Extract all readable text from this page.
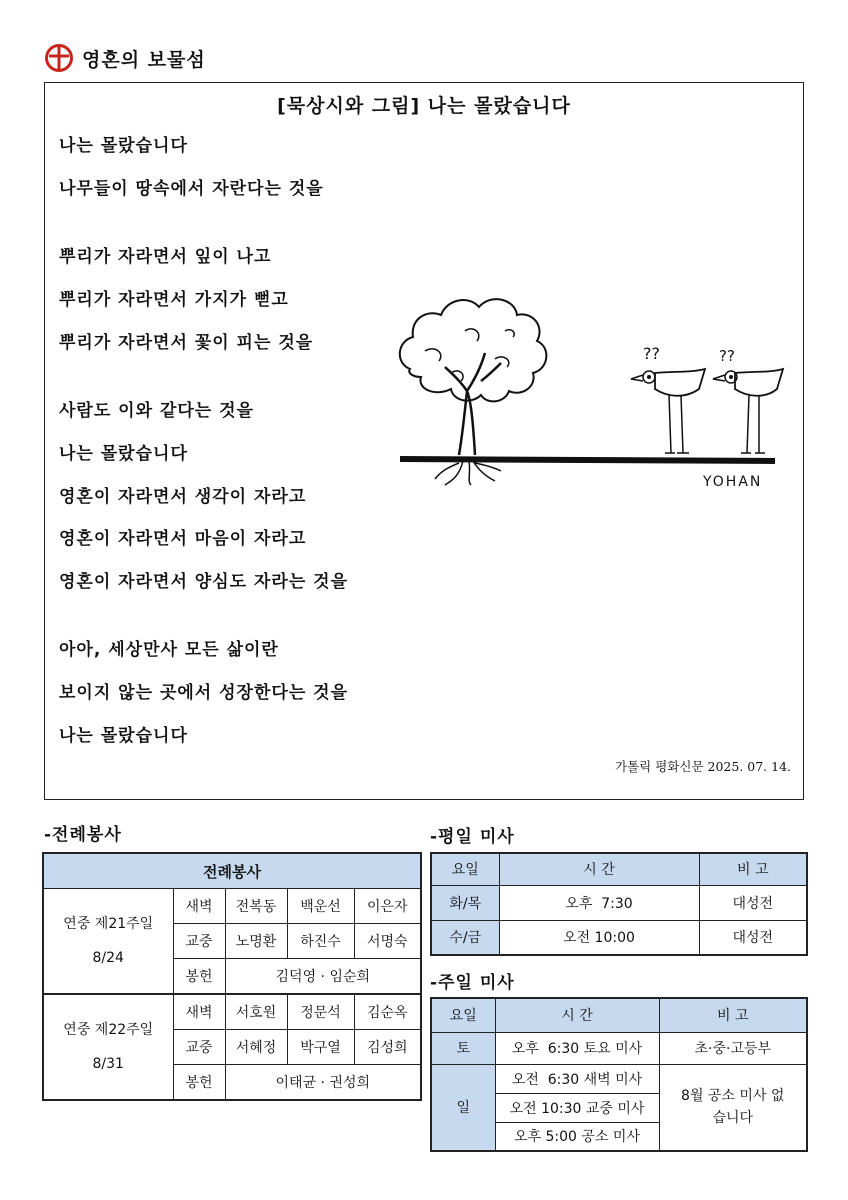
영혼의 보물섬
[묵상시와 그림] 나는 몰랐습니다
나는 몰랐습니다
나무들이 땅속에서 자란다는 것을
뿌리가 자라면서 잎이 나고
뿌리가 자라면서 가지가 뻗고
뿌리가 자라면서 꽃이 피는 것을
사람도 이와 같다는 것을
나는 몰랐습니다
영혼이 자라면서 생각이 자라고
영혼이 자라면서 마음이 자라고
영혼이 자라면서 양심도 자라는 것을
아아, 세상만사 모든 삶이란
보이지 않는 곳에서 성장한다는 것을
나는 몰랐습니다
??	??
YOHAN
가톨릭 평화신문 2025. 07. 14.
-전례봉사
전례봉사				

연중 제21주일
8/24	새벽	전복동	백운선	이은자
	교중	노명환	하진수	서명숙
	봉헌	김덕영 · 임순희		

연중 제22주일
8/31	새벽	서호원	정문석	김순옥
	교중	서혜정	박구열	김성희
	봉헌	이태균 · 권성희		
-평일 미사
요일	시 간	비 고
화/목	오후  7:30	대성전
수/금	오전 10:00	대성전
-주일 미사
요일	시 간	비 고
토	오후  6:30 토요 미사	초·중·고등부
일	오전  6:30 새벽 미사	8월 공소 미사 없습니다
	오전 10:30 교중 미사	
	오후 5:00 공소 미사	
